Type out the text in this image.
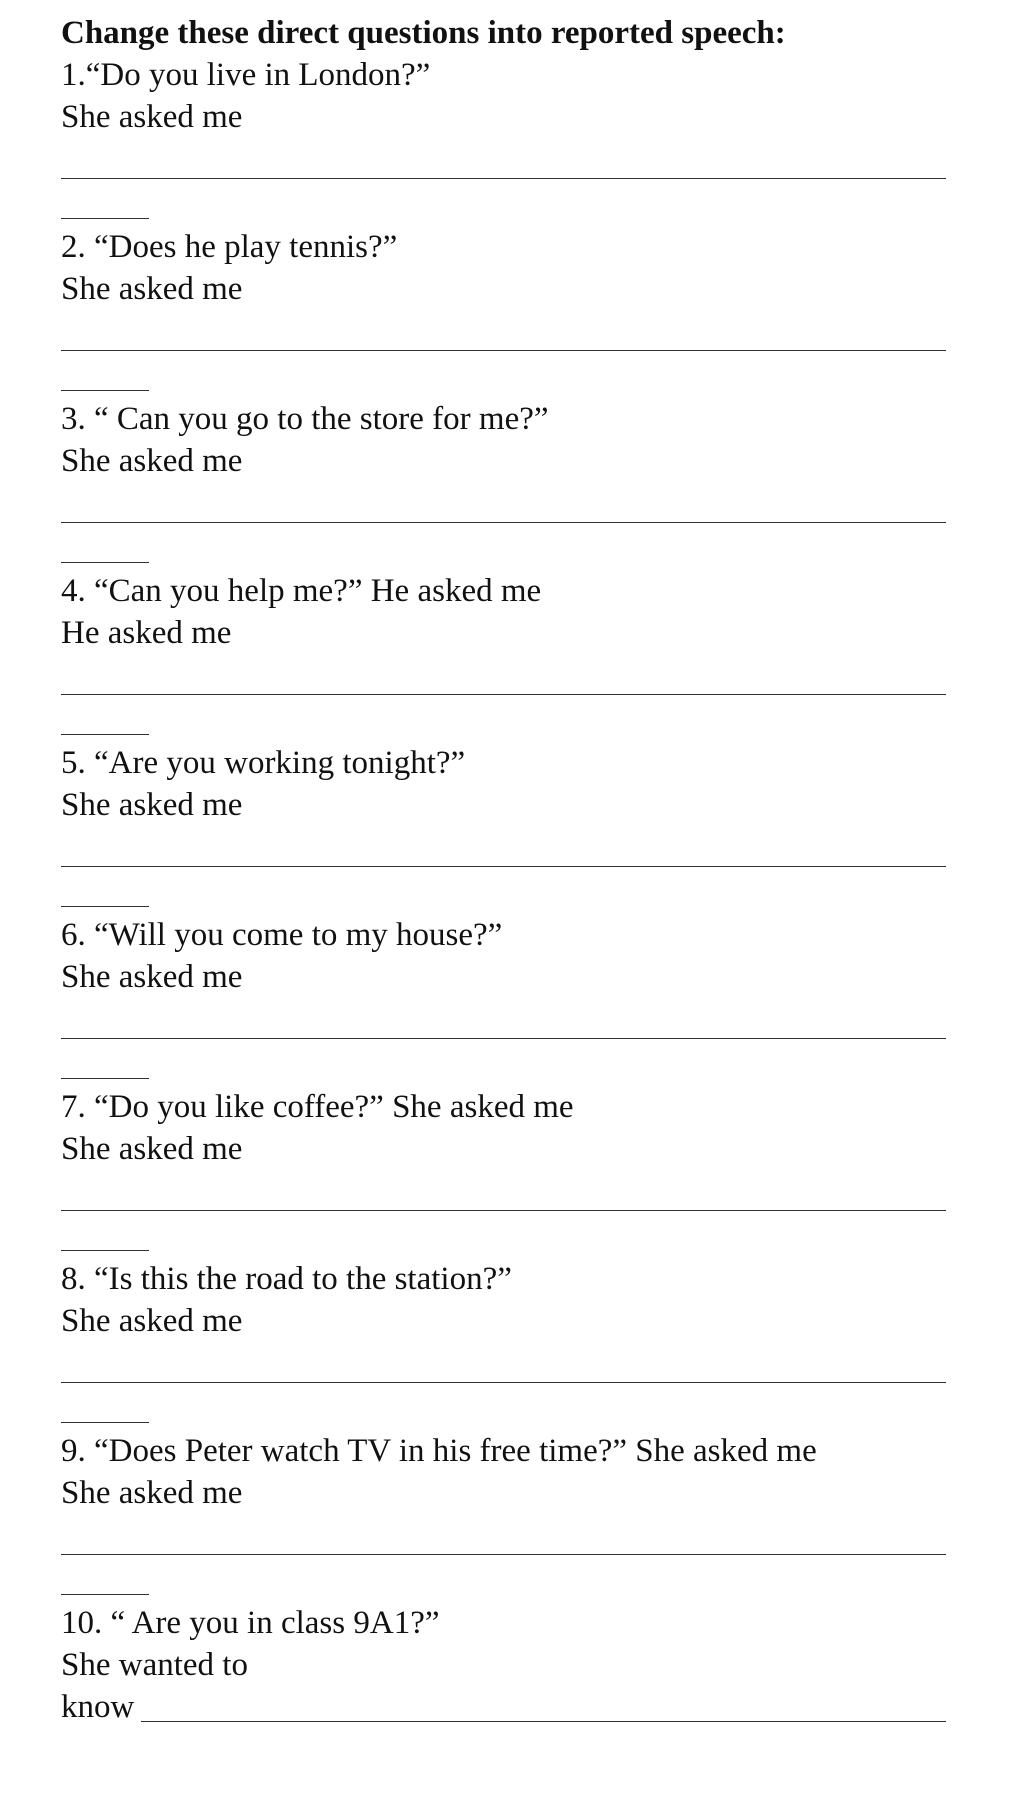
Change these direct questions into reported speech:
1.“Do you live in London?”
She asked me
2. “Does he play tennis?”
She asked me
3. “ Can you go to the store for me?”
She asked me
4. “Can you help me?” He asked me
He asked me
5. “Are you working tonight?”
She asked me
6. “Will you come to my house?”
She asked me
7. “Do you like coffee?” She asked me
She asked me
8. “Is this the road to the station?”
She asked me
9. “Does Peter watch TV in his free time?” She asked me
She asked me
10. “ Are you in class 9A1?”
She wanted to
know
